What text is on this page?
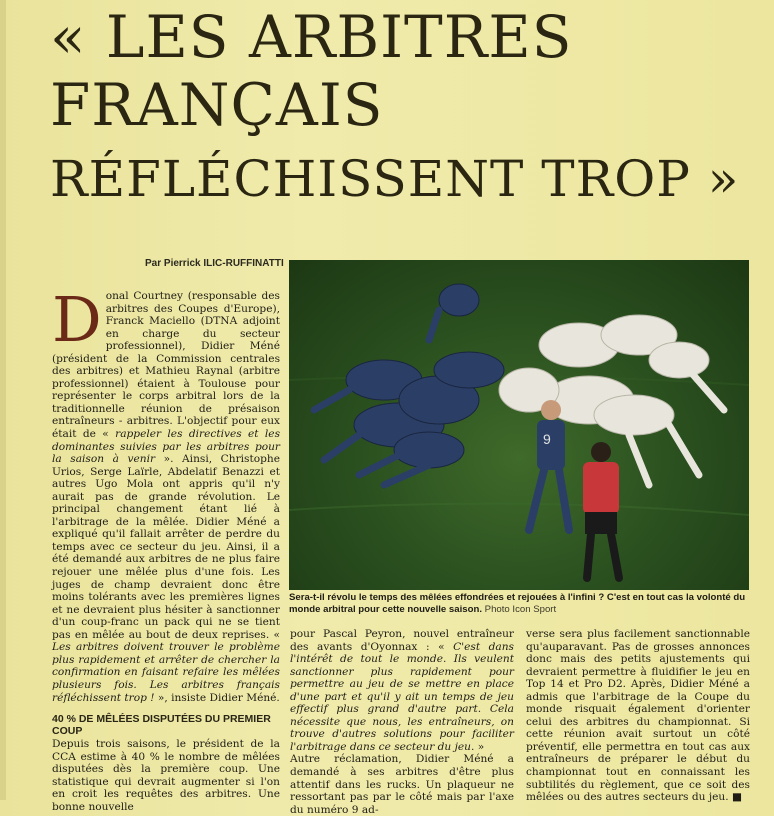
« LES ARBITRES
FRANÇAIS
RÉFLÉCHISSENT TROP »
Par Pierrick ILIC-RUFFINATTI
9
Sera-t-il révolu le temps des mêlées effondrées et rejouées à l'infini ? C'est en tout cas la volonté du monde arbitral pour cette nouvelle saison. Photo Icon Sport

Donal Courtney (responsable des arbitres des Coupes d'Europe), Franck Maciello (DTNA adjoint en charge du secteur professionnel), Didier Méné (président de la Commission centrales des arbitres) et Mathieu Raynal (arbitre professionnel) étaient à Toulouse pour représenter le corps arbitral lors de la traditionnelle réunion de présaison entraîneurs - arbitres. L'objectif pour eux était de « rappeler les directives et les dominantes suivies par les arbitres pour la saison à venir ». Ainsi, Christophe Urios, Serge Laïrle, Abdelatif Benazzi et autres Ugo Mola ont appris qu'il n'y aurait pas de grande révolution. Le principal changement étant lié à l'arbitrage de la mêlée. Didier Méné a expliqué qu'il fallait arrêter de perdre du temps avec ce secteur du jeu. Ainsi, il a été demandé aux arbitres de ne plus faire rejouer une mêlée plus d'une fois. Les juges de champ devraient donc être moins tolérants avec les premières lignes et ne devraient plus hésiter à sanctionner d'un coup-franc un pack qui ne se tient pas en mêlée au bout de deux reprises. « Les arbitres doivent trouver le problème plus rapidement et arrêter de chercher la confirmation en faisant refaire les mêlées plusieurs fois. Les arbitres français réfléchissent trop ! », insiste Didier Méné.

40 % DE MÊLÉES DISPUTÉES DU PREMIER COUP

Depuis trois saisons, le président de la CCA estime à 40 % le nombre de mêlées disputées dès la première coup. Une statistique qui devrait augmenter si l'on en croit les requêtes des arbitres. Une bonne nouvelle

pour Pascal Peyron, nouvel entraîneur des avants d'Oyonnax : « C'est dans l'intérêt de tout le monde. Ils veulent sanctionner plus rapidement pour permettre au jeu de se mettre en place d'une part et qu'il y ait un temps de jeu effectif plus grand d'autre part. Cela nécessite que nous, les entraîneurs, on trouve d'autres solutions pour faciliter l'arbitrage dans ce secteur du jeu. »

Autre réclamation, Didier Méné a demandé à ses arbitres d'être plus attentif dans les rucks. Un plaqueur ne ressortant pas par le côté mais par l'axe du numéro 9 ad-

verse sera plus facilement sanctionnable qu'auparavant. Pas de grosses annonces donc mais des petits ajustements qui devraient permettre à fluidifier le jeu en Top 14 et Pro D2. Après, Didier Méné a admis que l'arbitrage de la Coupe du monde risquait également d'orienter celui des arbitres du championnat. Si cette réunion avait surtout un côté préventif, elle permettra en tout cas aux entraîneurs de préparer le début du championnat tout en connaissant les subtilités du règlement, que ce soit des mêlées ou des autres secteurs du jeu. ■
